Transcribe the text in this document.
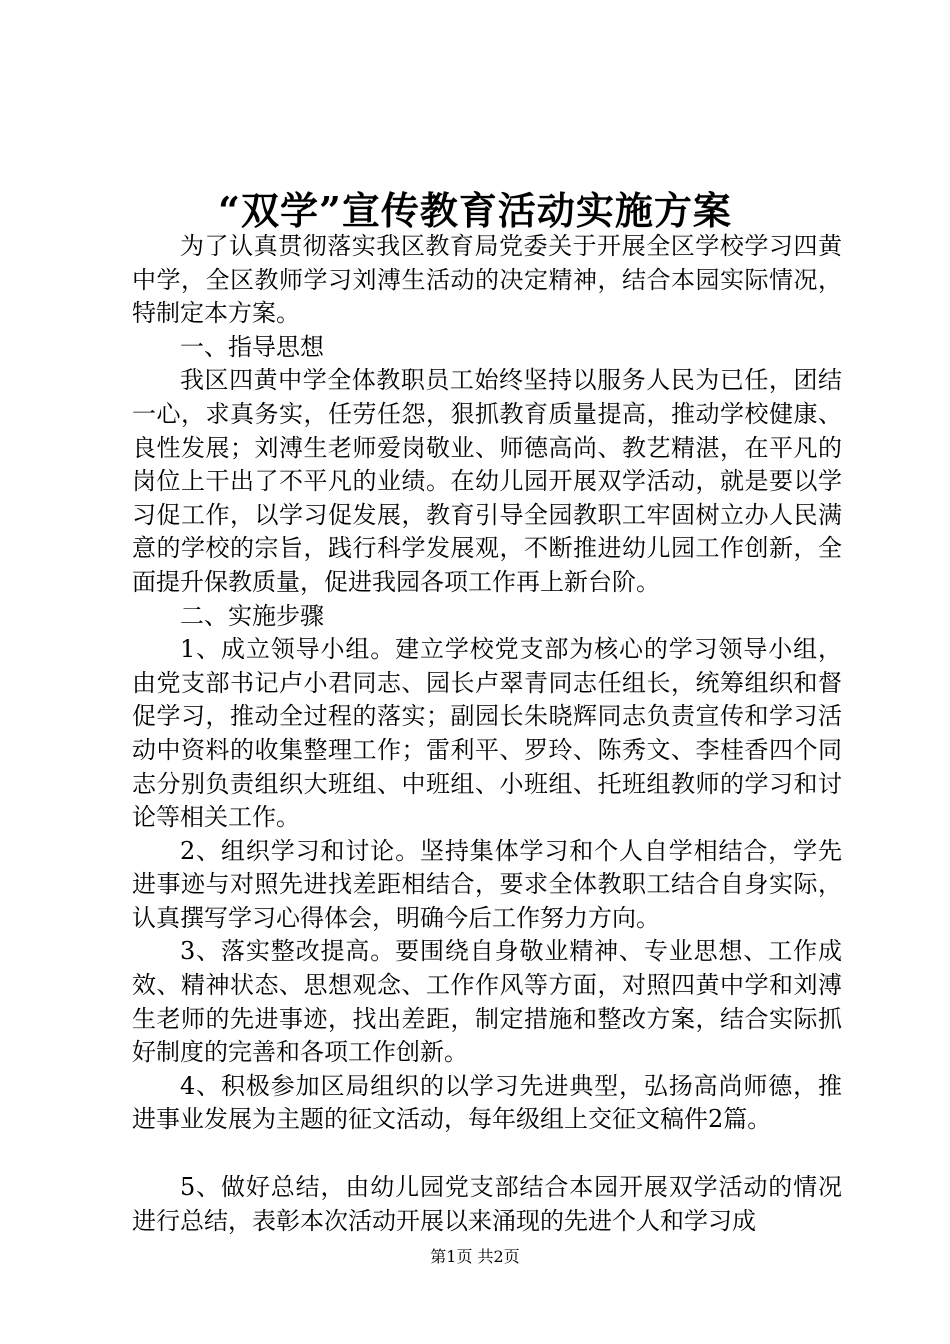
“双学”宣传教育活动实施方案

为了认真贯彻落实我区教育局党委关于开展全区学校学习四黄中学，全区教师学习刘溥生活动的决定精神，结合本园实际情况，特制定本方案。

一、指导思想

我区四黄中学全体教职员工始终坚持以服务人民为已任，团结一心，求真务实，任劳任怨，狠抓教育质量提高，推动学校健康、良性发展；刘溥生老师爱岗敬业、师德高尚、教艺精湛，在平凡的岗位上干出了不平凡的业绩。在幼儿园开展双学活动，就是要以学习促工作，以学习促发展，教育引导全园教职工牢固树立办人民满意的学校的宗旨，践行科学发展观，不断推进幼儿园工作创新，全面提升保教质量，促进我园各项工作再上新台阶。

二、实施步骤

1、成立领导小组。建立学校党支部为核心的学习领导小组，由党支部书记卢小君同志、园长卢翠青同志任组长，统筹组织和督促学习，推动全过程的落实；副园长朱晓辉同志负责宣传和学习活动中资料的收集整理工作；雷利平、罗玲、陈秀文、李桂香四个同志分别负责组织大班组、中班组、小班组、托班组教师的学习和讨论等相关工作。

2、组织学习和讨论。坚持集体学习和个人自学相结合，学先进事迹与对照先进找差距相结合，要求全体教职工结合自身实际，认真撰写学习心得体会，明确今后工作努力方向。

3、落实整改提高。要围绕自身敬业精神、专业思想、工作成效、精神状态、思想观念、工作作风等方面，对照四黄中学和刘溥生老师的先进事迹，找出差距，制定措施和整改方案，结合实际抓好制度的完善和各项工作创新。

4、积极参加区局组织的以学习先进典型，弘扬高尚师德，推进事业发展为主题的征文活动，每年级组上交征文稿件2篇。

5、做好总结，由幼儿园党支部结合本园开展双学活动的情况进行总结，表彰本次活动开展以来涌现的先进个人和学习成

第1页 共2页
